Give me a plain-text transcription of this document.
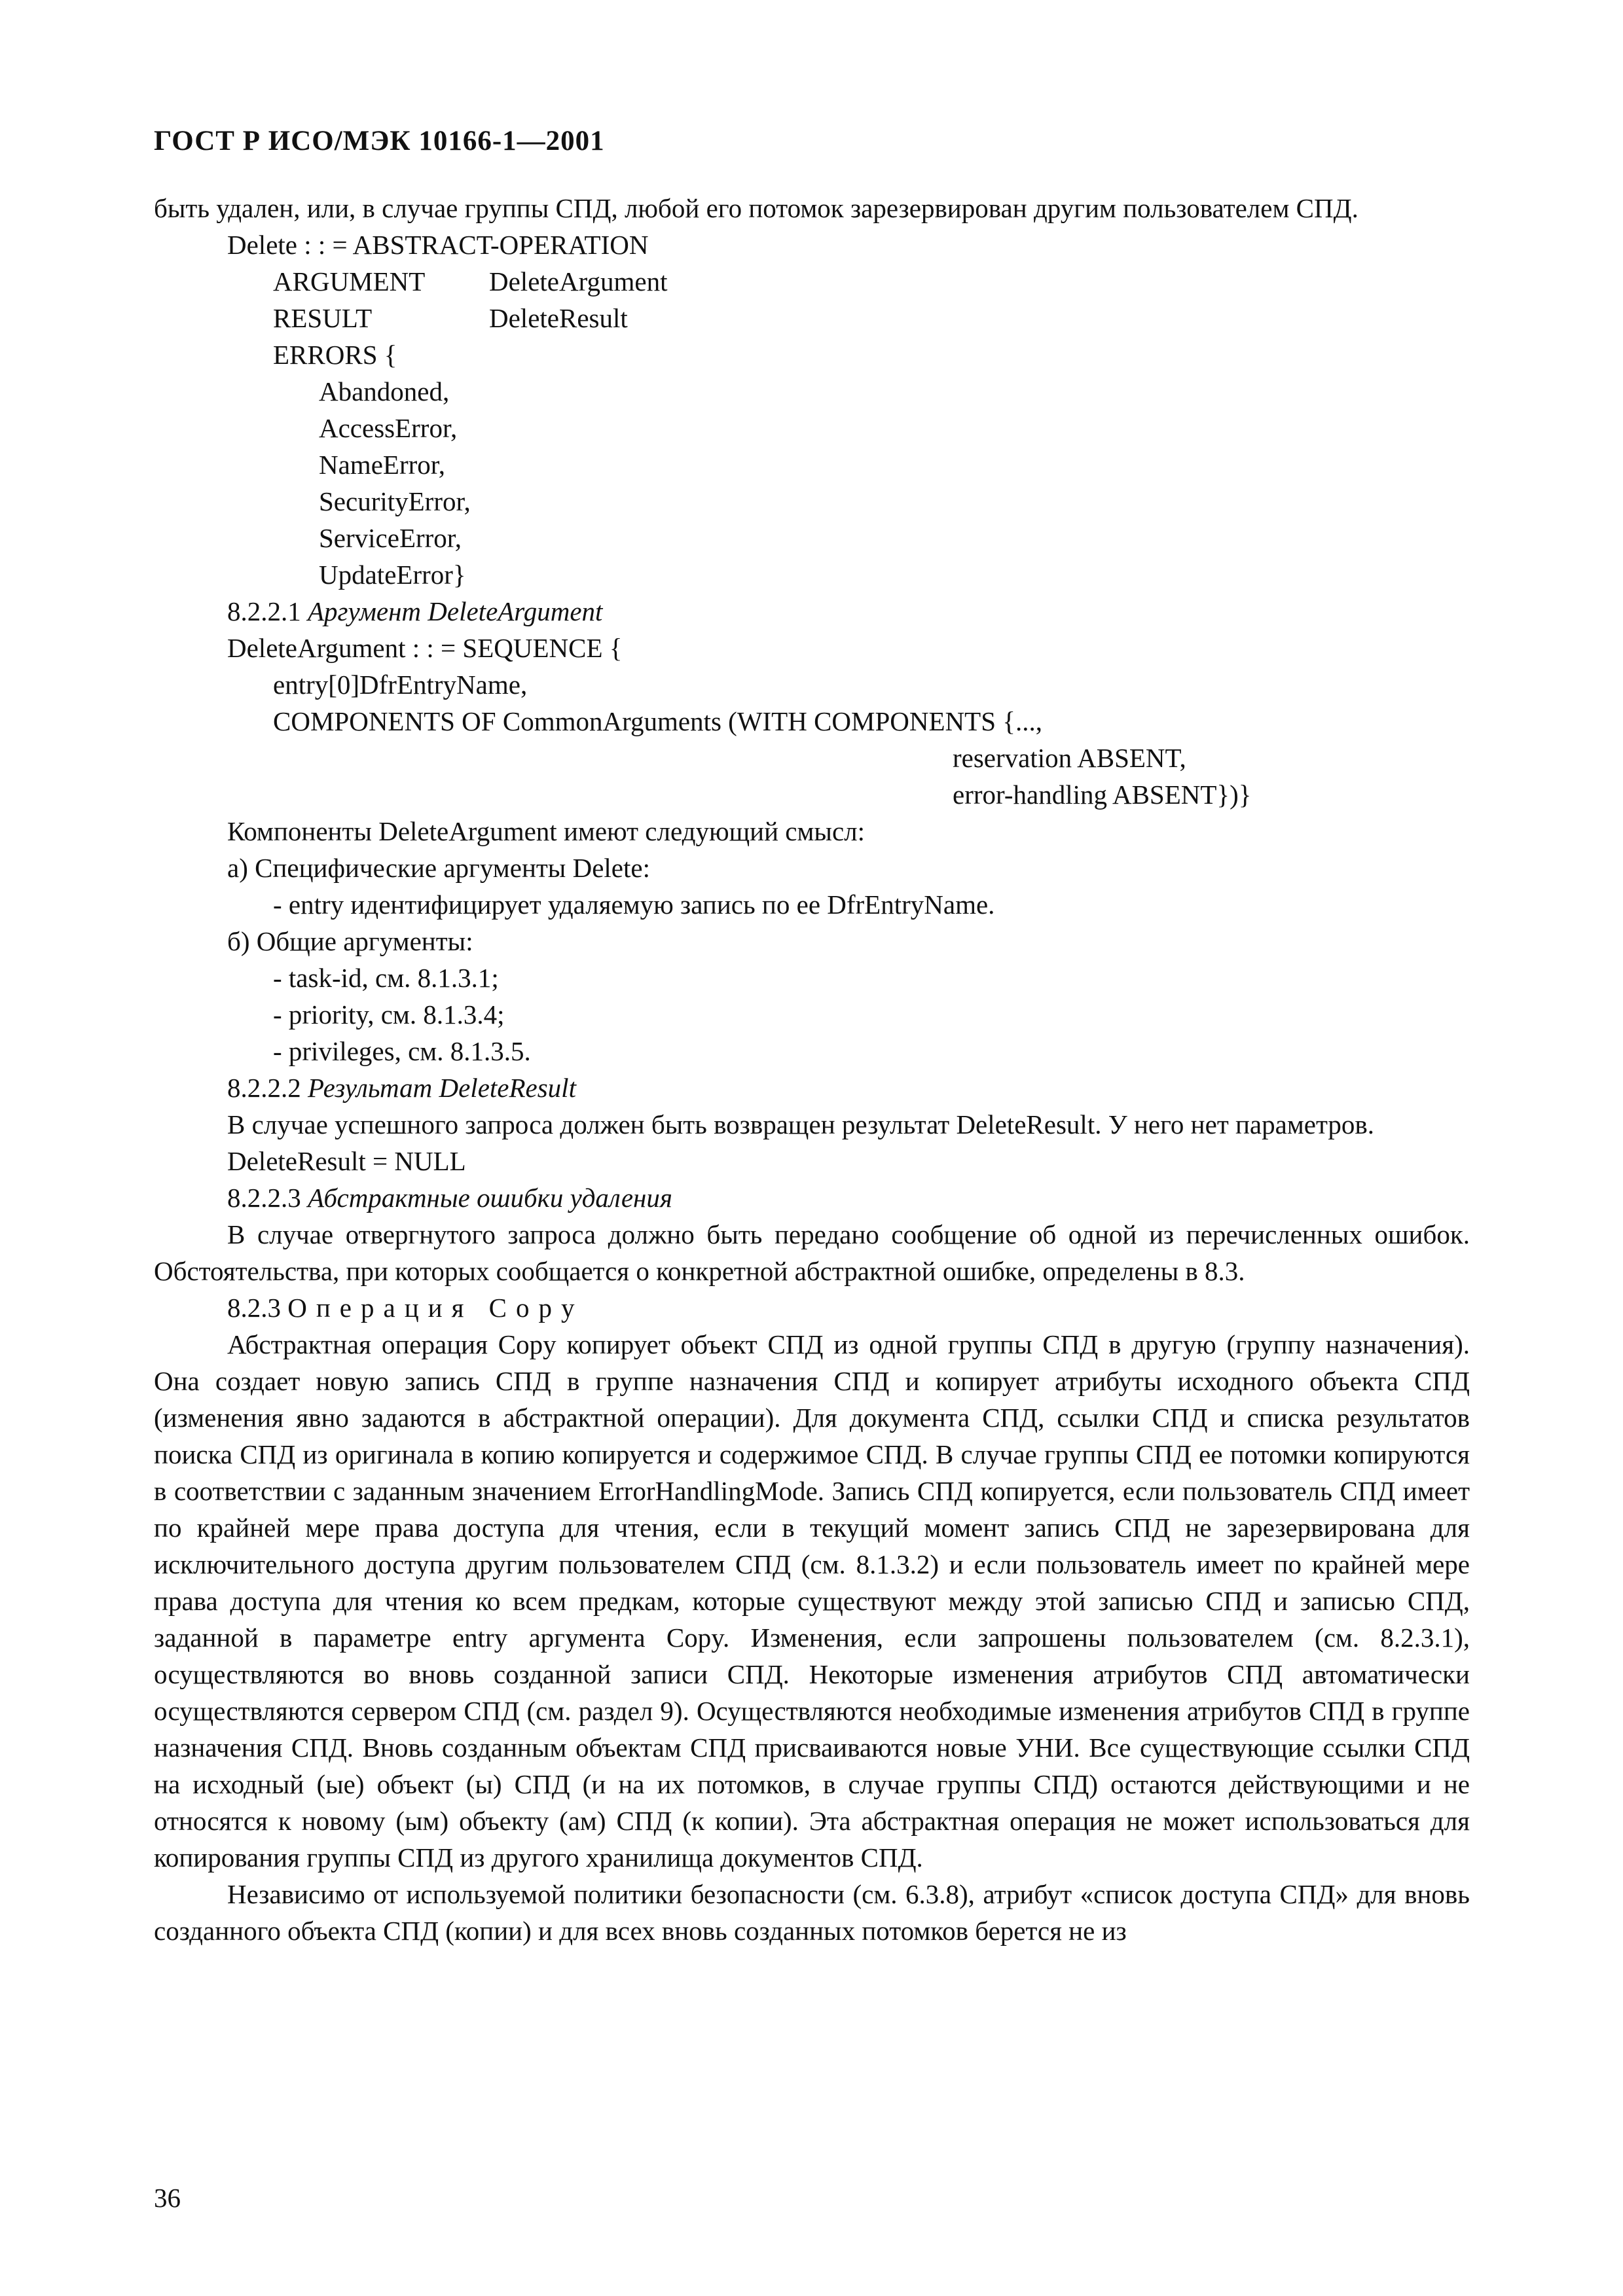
ГОСТ Р ИСО/МЭК 10166-1—2001

быть удален, или, в случае группы СПД, любой его потомок зарезервирован другим пользователем СПД.

Delete : : = ABSTRACT-OPERATION
ARGUMENT DeleteArgument
RESULT	DeleteResult
ERRORS {
Abandoned,
AccessError,
NameError,
SecurityError,
ServiceError,
UpdateError}
8.2.2.1 Аргумент DeleteArgument
DeleteArgument : : = SEQUENCE {
entry[0]DfrEntryName,
COMPONENTS OF CommonArguments (WITH COMPONENTS {...,
reservation ABSENT,
error-handling ABSENT})}
Компоненты DeleteArgument имеют следующий смысл:
а) Специфические аргументы Delete:
- entry идентифицирует удаляемую запись по ее DfrEntryName.
б) Общие аргументы:
- task-id, см. 8.1.3.1;
- priority, см. 8.1.3.4;
- privileges, см. 8.1.3.5.
8.2.2.2 Результат DeleteResult

В случае успешного запроса должен быть возвращен результат DeleteResult. У него нет параметров.

DeleteResult = NULL
8.2.2.3 Абстрактные ошибки удаления

В случае отвергнутого запроса должно быть передано сообщение об одной из перечисленных ошибок. Обстоятельства, при которых сообщается о конкретной абстрактной ошибке, определены в 8.3.

8.2.3 Операция Copy

Абстрактная операция Copy копирует объект СПД из одной группы СПД в другую (группу назначения). Она создает новую запись СПД в группе назначения СПД и копирует атрибуты исходного объекта СПД (изменения явно задаются в абстрактной операции). Для документа СПД, ссылки СПД и списка результатов поиска СПД из оригинала в копию копируется и содержимое СПД. В случае группы СПД ее потомки копируются в соответствии с заданным значением ErrorHandlingMode. Запись СПД копируется, если пользователь СПД имеет по крайней мере права доступа для чтения, если в текущий момент запись СПД не зарезервирована для исключительного доступа другим пользователем СПД (см. 8.1.3.2) и если пользователь имеет по крайней мере права доступа для чтения ко всем предкам, которые существуют между этой записью СПД и записью СПД, заданной в параметре entry аргумента Copy. Изменения, если запрошены пользователем (см. 8.2.3.1), осуществляются во вновь созданной записи СПД. Некоторые изменения атрибутов СПД автоматически осуществляются сервером СПД (см. раздел 9). Осуществляются необходимые изменения атрибутов СПД в группе назначения СПД. Вновь созданным объектам СПД присваиваются новые УНИ. Все существующие ссылки СПД на исходный (ые) объект (ы) СПД (и на их потомков, в случае группы СПД) остаются действующими и не относятся к новому (ым) объекту (ам) СПД (к копии). Эта абстрактная операция не может использоваться для копирования группы СПД из другого хранилища документов СПД.

Независимо от используемой политики безопасности (см. 6.3.8), атрибут «список доступа СПД» для вновь созданного объекта СПД (копии) и для всех вновь созданных потомков берется не из

36
